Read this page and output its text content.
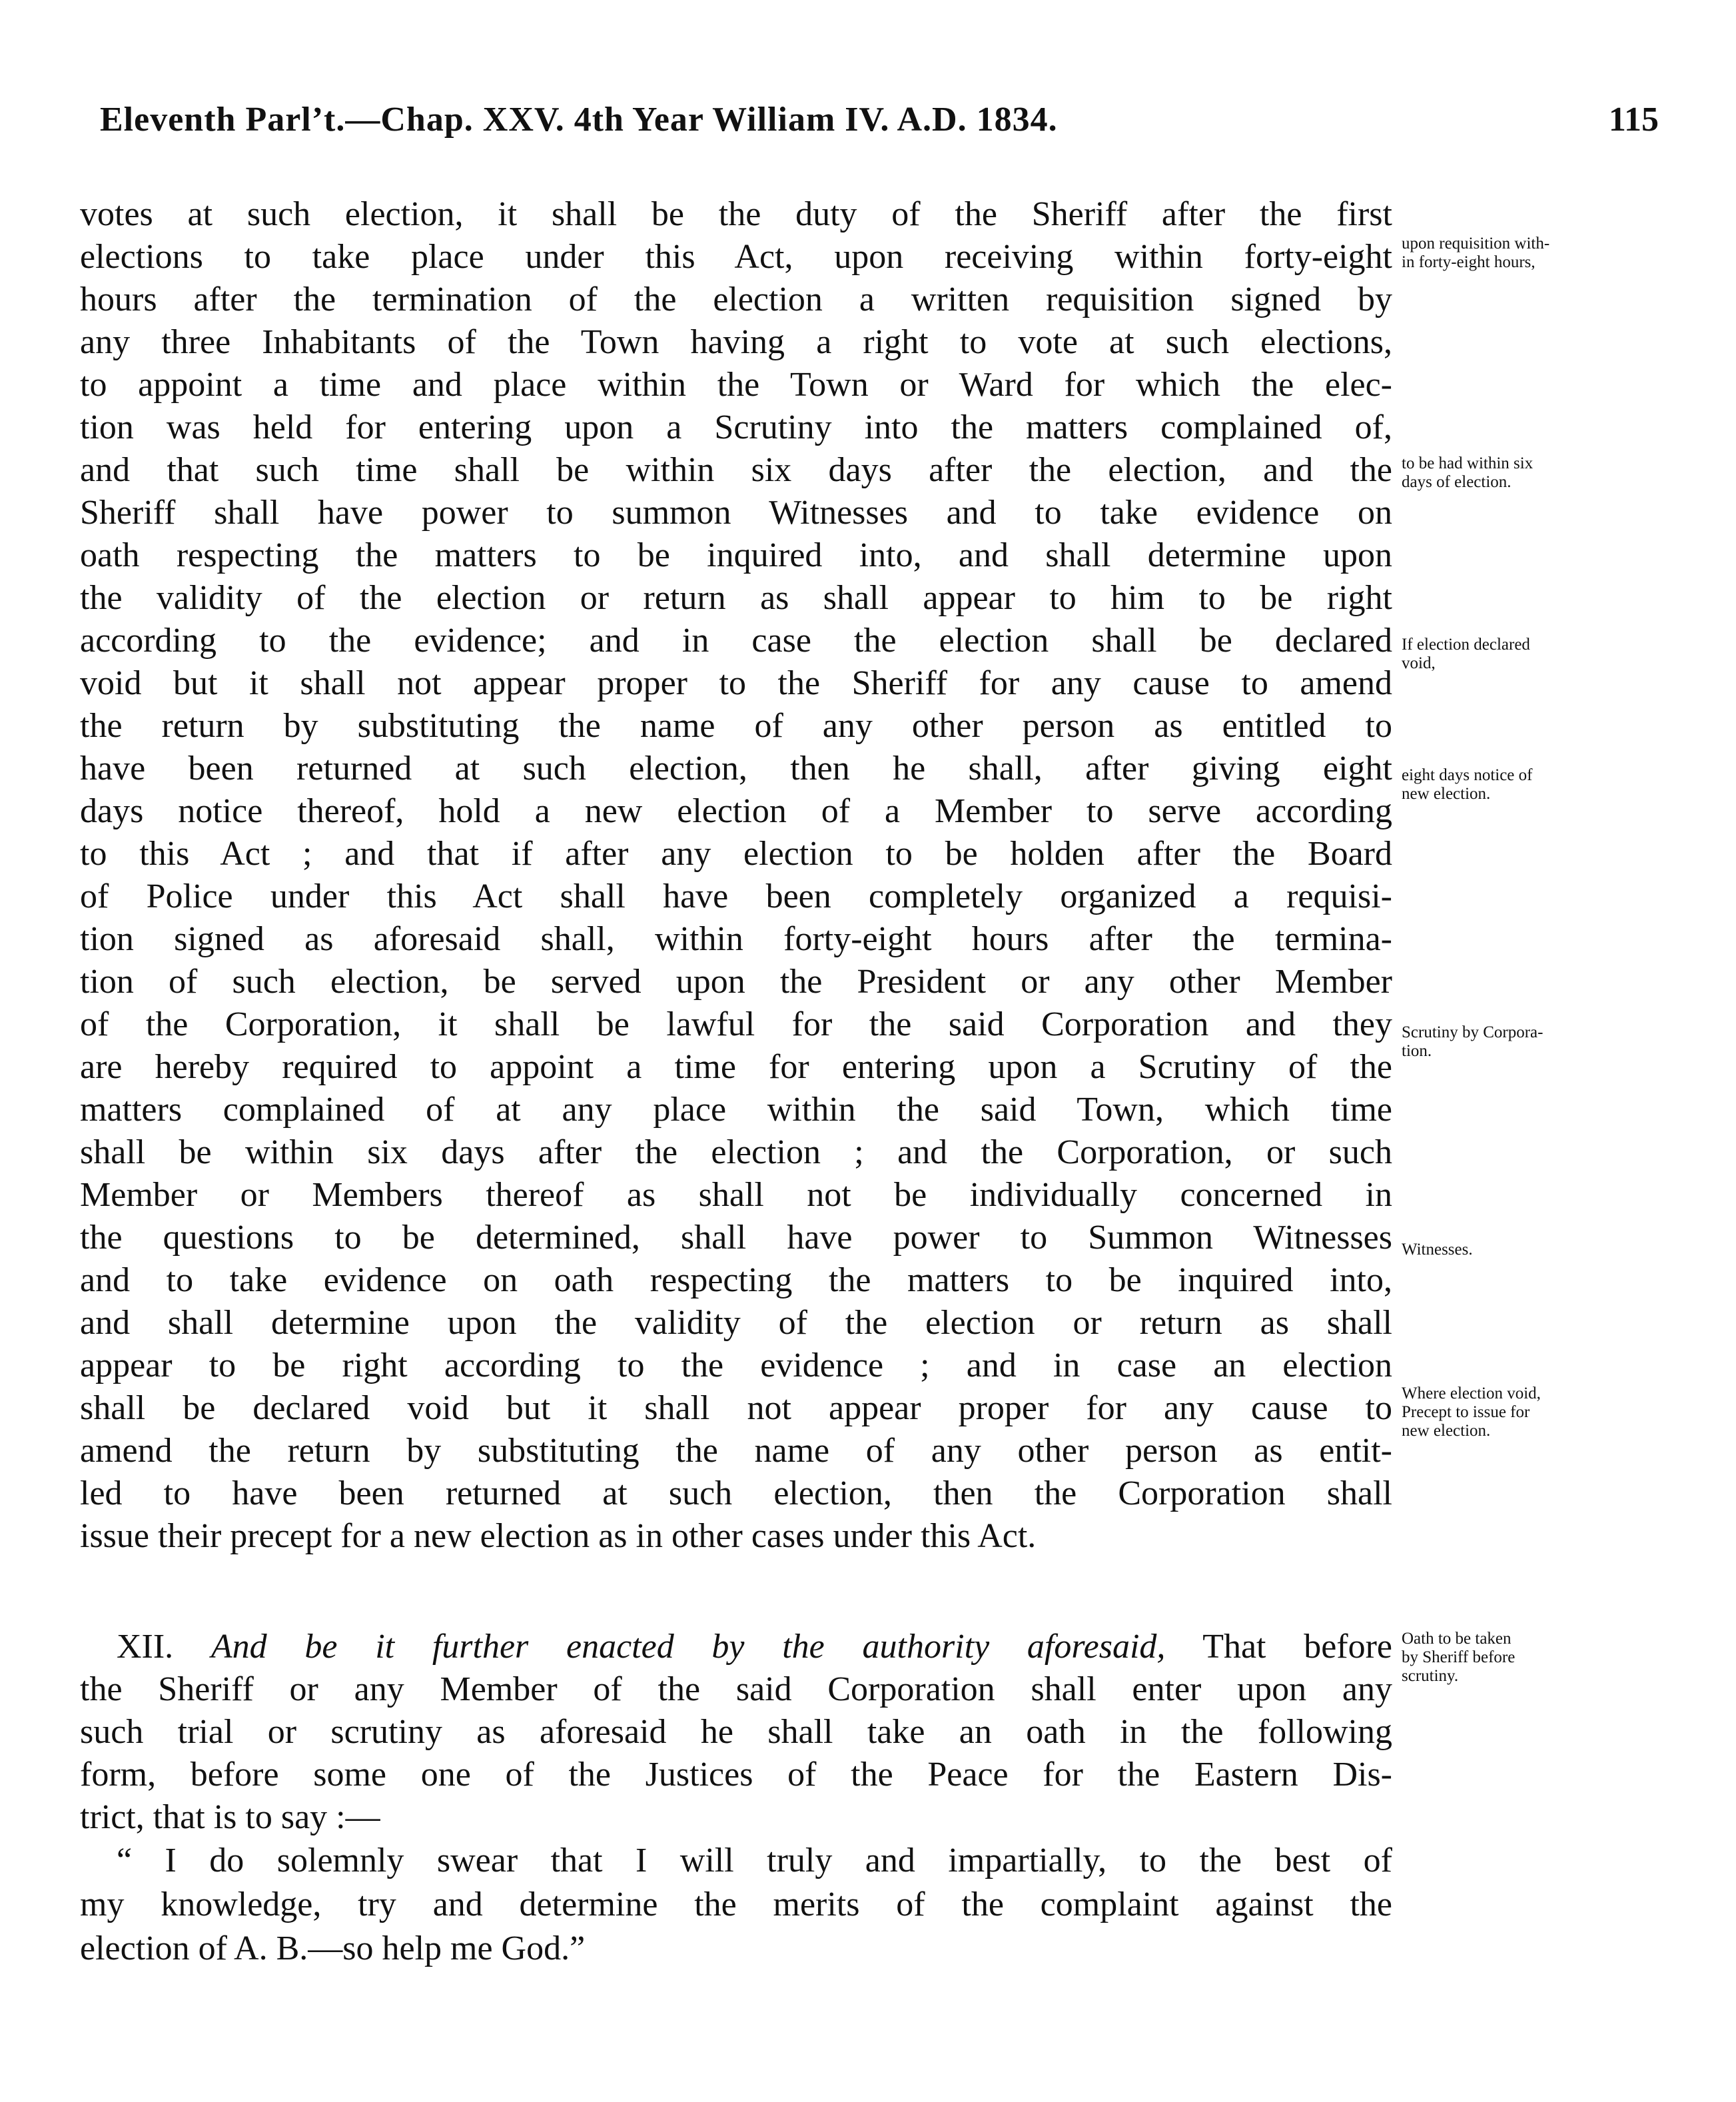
Eleventh Parl’t.—Chap. XXV. 4th Year William IV. A.D. 1834.	115
votes at such election, it shall be the duty of the Sheriff after the first
elections to take place under this Act, upon receiving within forty-eight
hours after the termination of the election a written requisition signed by
any three Inhabitants of the Town having a right to vote at such elections,
to appoint a time and place within the Town or Ward for which the elec-
tion was held for entering upon a Scrutiny into the matters complained of,
and that such time shall be within six days after the election, and the
Sheriff shall have power to summon Witnesses and to take evidence on
oath respecting the matters to be inquired into, and shall determine upon
the validity of the election or return as shall appear to him to be right
according to the evidence; and in case the election shall be declared
void but it shall not appear proper to the Sheriff for any cause to amend
the return by substituting the name of any other person as entitled to
have been returned at such election, then he shall, after giving eight
days notice thereof, hold a new election of a Member to serve according
to this Act ; and that if after any election to be holden after the Board
of Police under this Act shall have been completely organized a requisi-
tion signed as aforesaid shall, within forty-eight hours after the termina-
tion of such election, be served upon the President or any other Member
of the Corporation, it shall be lawful for the said Corporation and they
are hereby required to appoint a time for entering upon a Scrutiny of the
matters complained of at any place within the said Town, which time
shall be within six days after the election ; and the Corporation, or such
Member or Members thereof as shall not be individually concerned in
the questions to be determined, shall have power to Summon Witnesses
and to take evidence on oath respecting the matters to be inquired into,
and shall determine upon the validity of the election or return as shall
appear to be right according to the evidence ; and in case an election
shall be declared void but it shall not appear proper for any cause to
amend the return by substituting the name of any other person as entit-
led to have been returned at such election, then the Corporation shall
issue their precept for a new election as in other cases under this Act.
XII. And be it further enacted by the authority aforesaid, That before
the Sheriff or any Member of the said Corporation shall enter upon any
such trial or scrutiny as aforesaid he shall take an oath in the following
form, before some one of the Justices of the Peace for the Eastern Dis-
trict, that is to say :—
“ I do solemnly swear that I will truly and impartially, to the best of
my knowledge, try and determine the merits of the complaint against the
election of A. B.—so help me God.”
upon requisition with-
in forty-eight hours,
to be had within six
days of election.
If election declared
void,
eight days notice of
new election.
Scrutiny by Corpora-
tion.
Witnesses.
Where election void,
Precept to issue for
new election.
Oath to be taken
by Sheriff before
scrutiny.
